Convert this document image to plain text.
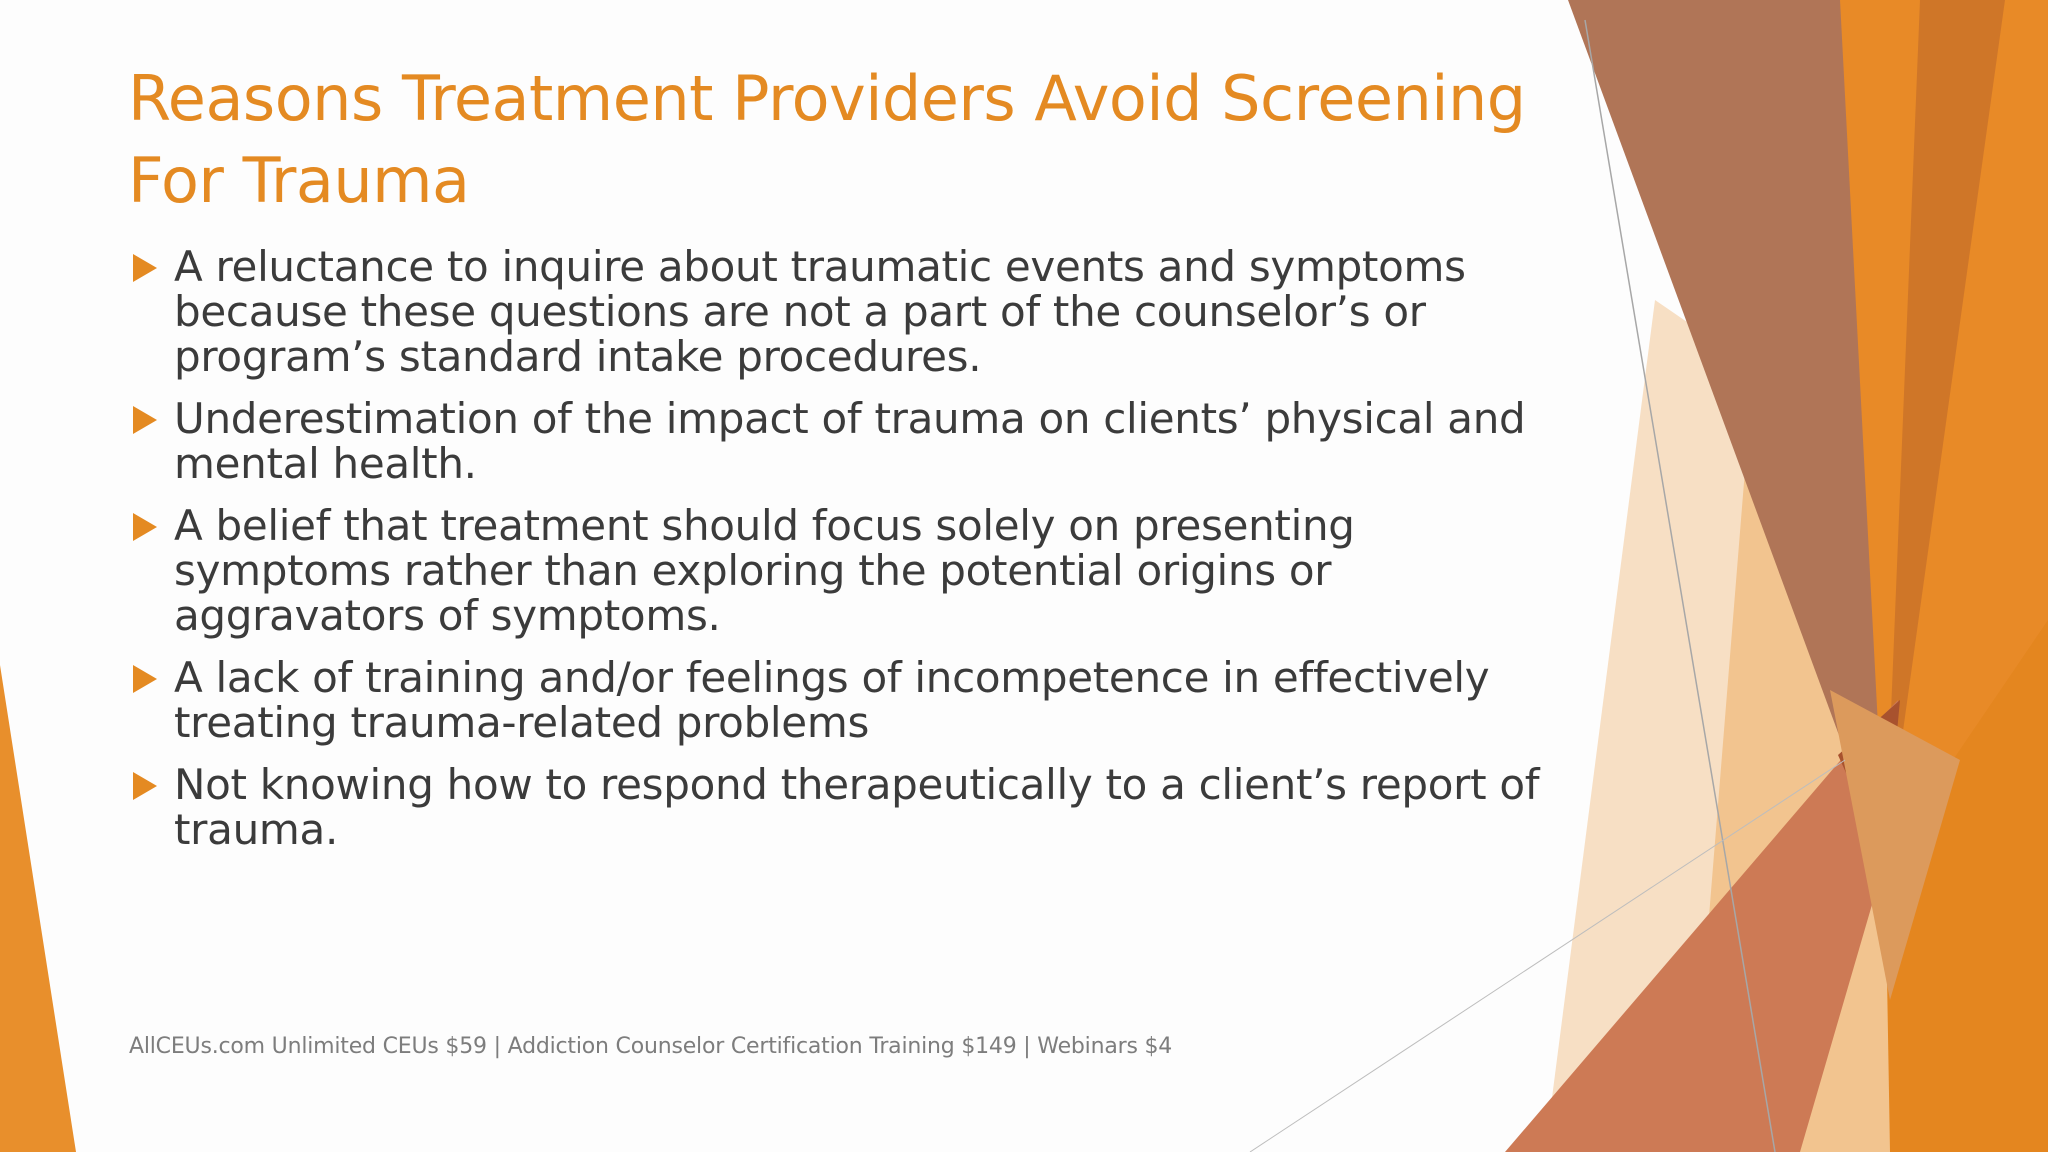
Reasons Treatment Providers Avoid Screening For Trauma
A reluctance to inquire about traumatic events and symptoms because these questions are not a part of the counselor’s or program’s standard intake procedures.
Underestimation of the impact of trauma on clients’ physical and mental health.
A belief that treatment should focus solely on presenting symptoms rather than exploring the potential origins or aggravators of symptoms.
A lack of training and/or feelings of incompetence in effectively treating trauma-related problems
Not knowing how to respond therapeutically to a client’s report of trauma.
AllCEUs.com Unlimited CEUs $59 | Addiction Counselor Certification Training $149 | Webinars $4
